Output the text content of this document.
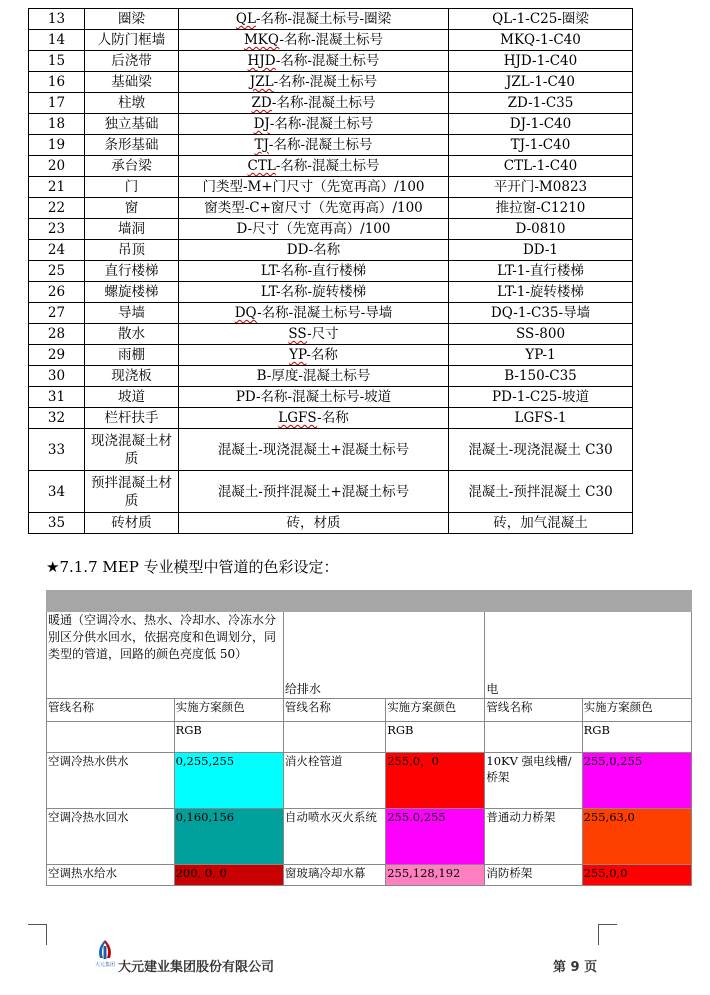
13	圈梁	QL-名称-混凝土标号-圈梁	QL-1-C25-圈梁
14	人防门框墙	MKQ-名称-混凝土标号	MKQ-1-C40
15	后浇带	HJD-名称-混凝土标号	HJD-1-C40
16	基础梁	JZL-名称-混凝土标号	JZL-1-C40
17	柱墩	ZD-名称-混凝土标号	ZD-1-C35
18	独立基础	DJ-名称-混凝土标号	DJ-1-C40
19	条形基础	TJ-名称-混凝土标号	TJ-1-C40
20	承台梁	CTL-名称-混凝土标号	CTL-1-C40
21	门	门类型-M+门尺寸（先宽再高）/100	平开门-M0823
22	窗	窗类型-C+窗尺寸（先宽再高）/100	推拉窗-C1210
23	墙洞	D-尺寸（先宽再高）/100	D-0810
24	吊顶	DD-名称	DD-1
25	直行楼梯	LT-名称-直行楼梯	LT-1-直行楼梯
26	螺旋楼梯	LT-名称-旋转楼梯	LT-1-旋转楼梯
27	导墙	DQ-名称-混凝土标号-导墙	DQ-1-C35-导墙
28	散水	SS-尺寸	SS-800
29	雨棚	YP-名称	YP-1
30	现浇板	B-厚度-混凝土标号	B-150-C35
31	坡道	PD-名称-混凝土标号-坡道	PD-1-C25-坡道
32	栏杆扶手	LGFS-名称	LGFS-1
33	现浇混凝土材质	混凝土-现浇混凝土+混凝土标号	混凝土-现浇混凝土 C30
34	预拌混凝土材质	混凝土-预拌混凝土+混凝土标号	混凝土-预拌混凝土 C30
35	砖材质	砖，材质	砖，加气混凝土
★7.1.7 MEP 专业模型中管道的色彩设定：

暖通（空调冷水、热水、冷却水、冷冻水分别区分供水回水，依据亮度和色调划分，同类型的管道，回路的颜色亮度低 50）		给排水		电	
管线名称	实施方案颜色	管线名称	实施方案颜色	管线名称	实施方案颜色
	RGB		RGB		RGB
空调冷热水供水	0,255,255	消火栓管道	255,0，0	10KV 强电线槽/桥架	255,0,255
空调冷热水回水	0,160,156	自动喷水灭火系统	255.0,255	普通动力桥架	255,63,0
空调热水给水	200, 0, 0	窗玻璃冷却水幕	255,128,192	消防桥架	255,0,0
大元集团 大元建业集团股份有限公司	第 9 页
